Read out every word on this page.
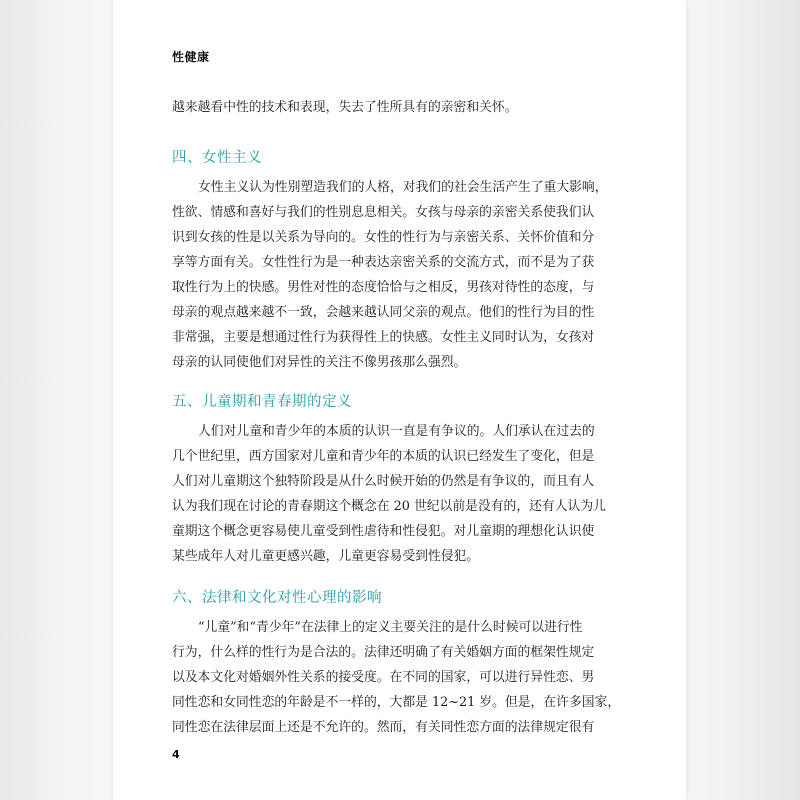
性健康
越来越看中性的技术和表现，失去了性所具有的亲密和关怀。
四、女性主义
女性主义认为性别塑造我们的人格，对我们的社会生活产生了重大影响，
性欲、情感和喜好与我们的性别息息相关。女孩与母亲的亲密关系使我们认
识到女孩的性是以关系为导向的。女性的性行为与亲密关系、关怀价值和分
享等方面有关。女性性行为是一种表达亲密关系的交流方式，而不是为了获
取性行为上的快感。男性对性的态度恰恰与之相反，男孩对待性的态度，与
母亲的观点越来越不一致，会越来越认同父亲的观点。他们的性行为目的性
非常强，主要是想通过性行为获得性上的快感。女性主义同时认为，女孩对
母亲的认同使他们对异性的关注不像男孩那么强烈。
五、儿童期和青春期的定义
人们对儿童和青少年的本质的认识一直是有争议的。人们承认在过去的
几个世纪里，西方国家对儿童和青少年的本质的认识已经发生了变化，但是
人们对儿童期这个独特阶段是从什么时候开始的仍然是有争议的，而且有人
认为我们现在讨论的青春期这个概念在 20 世纪以前是没有的，还有人认为儿
童期这个概念更容易使儿童受到性虐待和性侵犯。对儿童期的理想化认识使
某些成年人对儿童更感兴趣，儿童更容易受到性侵犯。
六、法律和文化对性心理的影响
“儿童”和“青少年”在法律上的定义主要关注的是什么时候可以进行性
行为，什么样的性行为是合法的。法律还明确了有关婚姻方面的框架性规定
以及本文化对婚姻外性关系的接受度。在不同的国家，可以进行异性恋、男
同性恋和女同性恋的年龄是不一样的，大都是 12~21 岁。但是，在许多国家，
同性恋在法律层面上还是不允许的。然而，有关同性恋方面的法律规定很有
4
